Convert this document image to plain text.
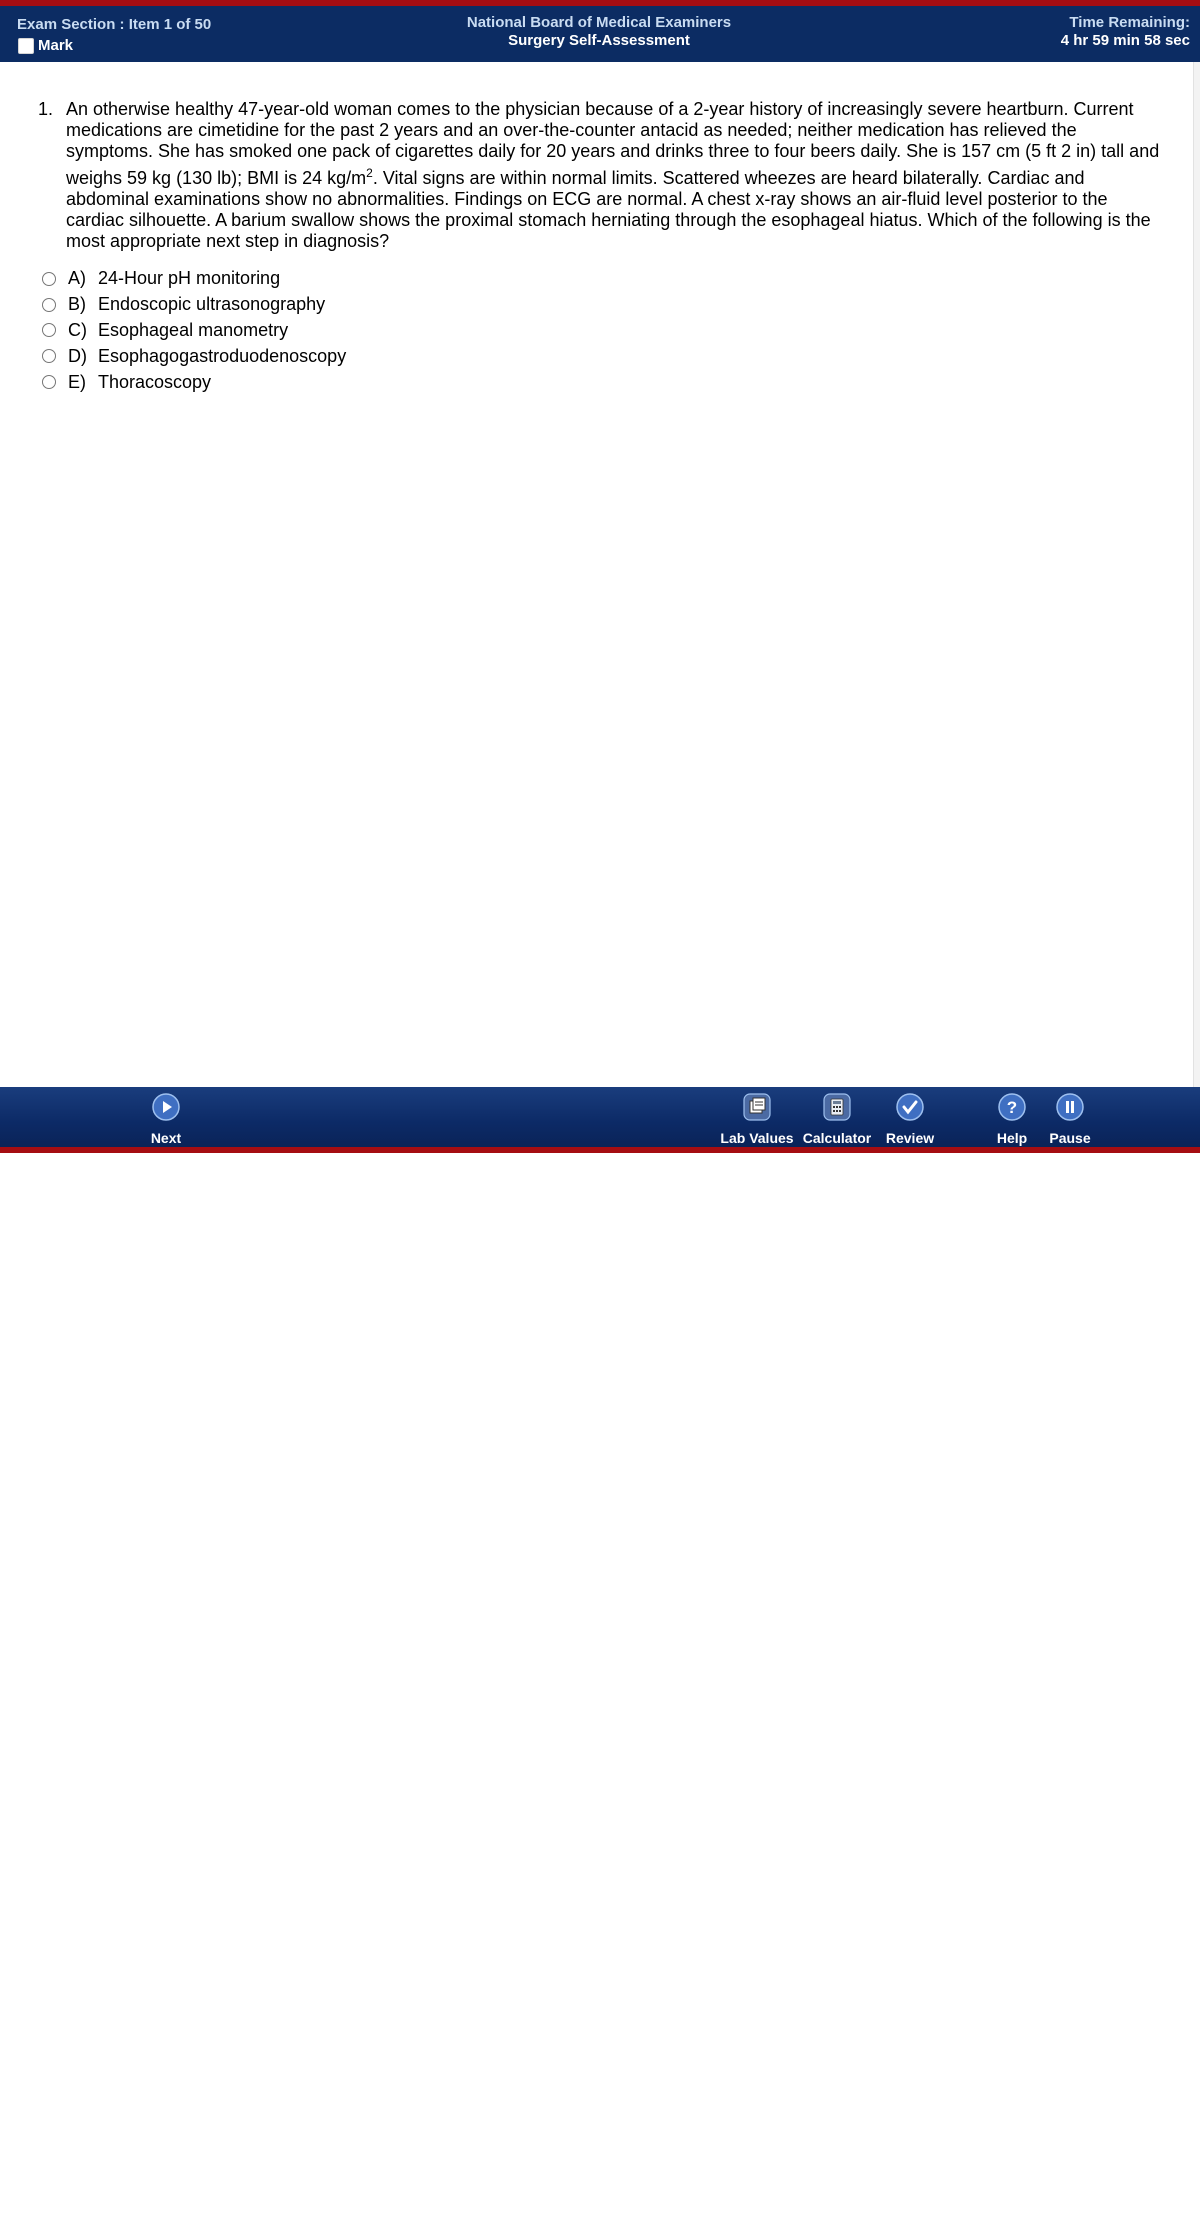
Exam Section : Item 1 of 50
Mark
National Board of Medical Examiners
Surgery Self-Assessment
Time Remaining:
4 hr 59 min 58 sec
1. An otherwise healthy 47-year-old woman comes to the physician because of a 2-year history of increasingly severe heartburn. Current medications are cimetidine for the past 2 years and an over-the-counter antacid as needed; neither medication has relieved the symptoms. She has smoked one pack of cigarettes daily for 20 years and drinks three to four beers daily. She is 157 cm (5 ft 2 in) tall and weighs 59 kg (130 lb); BMI is 24 $kg/m^2$. Vital signs are within normal limits. Scattered wheezes are heard bilaterally. Cardiac and abdominal examinations show no abnormalities. Findings on ECG are normal. A chest x-ray shows an air-fluid level posterior to the cardiac silhouette. A barium swallow shows the proximal stomach herniating through the esophageal hiatus. Which of the following is the most appropriate next step in diagnosis?
A) 24-Hour pH monitoring
B) Endoscopic ultrasonography
C) Esophageal manometry
D) Esophagogastroduodenoscopy
E) Thoracoscopy
Next
https://t.me/USMLENBME2CK
Lab Values Calculator Review
?
Help	Pause
